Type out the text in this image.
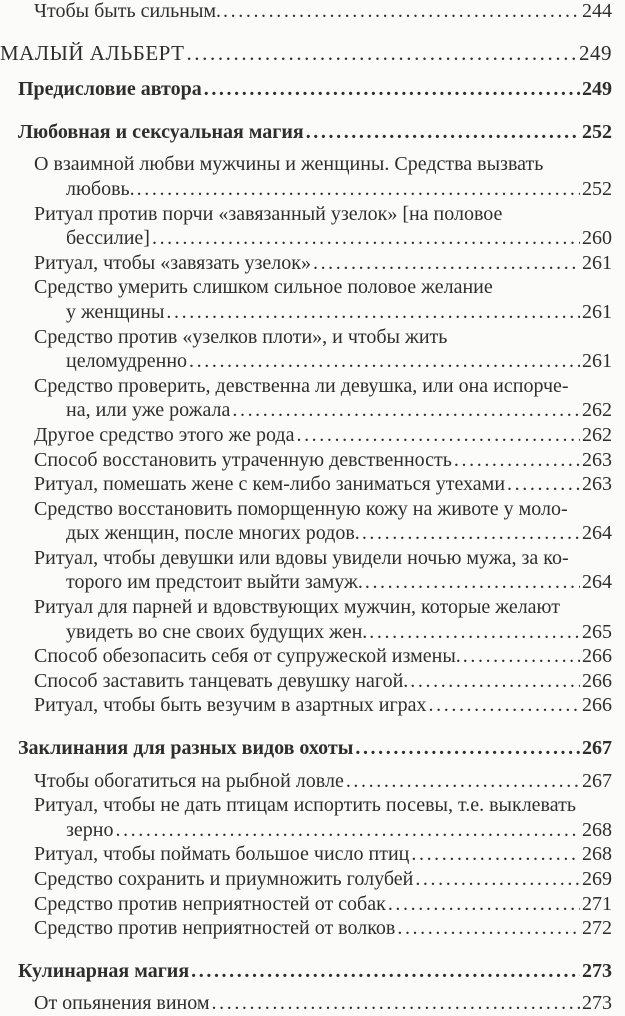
Чтобы быть сильным. .....	244
МАЛЫЙ АЛЬБЕРТ .....	249
Предисловие автора .....	249
Любовная и сексуальная магия .....	252
О взаимной любви мужчины и женщины. Средства вызвать
любовь. .....	252
Ритуал против порчи «завязанный узелок» [на половое
бессилие] .....	260
Ритуал, чтобы «завязать узелок» .....	261
Средство умерить слишком сильное половое желание
у женщины .....	261
Средство против «узелков плоти», и чтобы жить
целомудренно .....	261
Средство проверить, девственна ли девушка, или она испорче-
на, или уже рожала .....	262
Другое средство этого же рода .....	262
Способ восстановить утраченную девственность .....	263
Ритуал, помешать жене с кем-либо заниматься утехами .....	263
Средство восстановить поморщенную кожу на животе у моло-
дых женщин, после многих родов. .....	264
Ритуал, чтобы девушки или вдовы увидели ночью мужа, за ко-
торого им предстоит выйти замуж. .....	264
Ритуал для парней и вдовствующих мужчин, которые желают
увидеть во сне своих будущих жен. .....	265
Способ обезопасить себя от супружеской измены. .....	266
Способ заставить танцевать девушку нагой. .....	266
Ритуал, чтобы быть везучим в азартных играх .....	266
Заклинания для разных видов охоты .....	267
Чтобы обогатиться на рыбной ловле .....	267
Ритуал, чтобы не дать птицам испортить посевы, т.е. выклевать
зерно .....	268
Ритуал, чтобы поймать большое число птиц .....	268
Средство сохранить и приумножить голубей .....	269
Средство против неприятностей от собак .....	271
Средство против неприятностей от волков .....	272
Кулинарная магия .....	273
От опьянения вином .....	273
